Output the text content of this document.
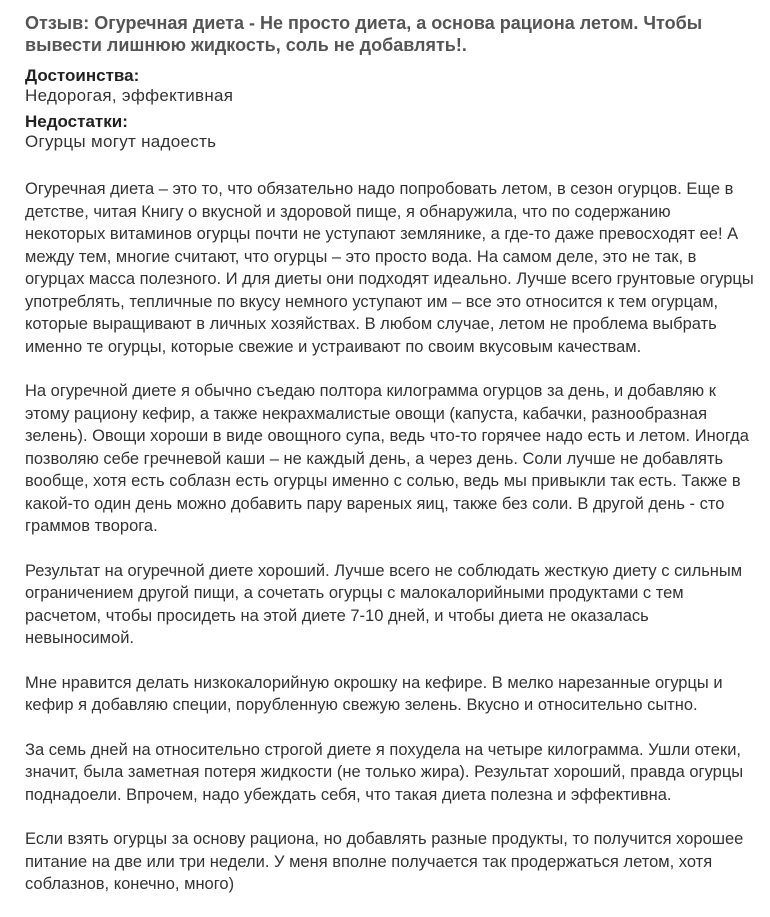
Отзыв: Огуречная диета - Не просто диета, а основа рациона летом. Чтобы вывести лишнюю жидкость, соль не добавлять!.
Достоинства:
Недорогая, эффективная
Недостатки:
Огурцы могут надоесть

Огуречная диета – это то, что обязательно надо попробовать летом, в сезон огурцов. Еще в детстве, читая Книгу о вкусной и здоровой пище, я обнаружила, что по содержанию некоторых витаминов огурцы почти не уступают землянике, а где-то даже превосходят ее! А между тем, многие считают, что огурцы – это просто вода. На самом деле, это не так, в огурцах масса полезного. И для диеты они подходят идеально. Лучше всего грунтовые огурцы употреблять, тепличные по вкусу немного уступают им – все это относится к тем огурцам, которые выращивают в личных хозяйствах. В любом случае, летом не проблема выбрать именно те огурцы, которые свежие и устраивают по своим вкусовым качествам.

На огуречной диете я обычно съедаю полтора килограмма огурцов за день, и добавляю к этому рациону кефир, а также некрахмалистые овощи (капуста, кабачки, разнообразная зелень). Овощи хороши в виде овощного супа, ведь что-то горячее надо есть и летом. Иногда позволяю себе гречневой каши – не каждый день, а через день. Соли лучше не добавлять вообще, хотя есть соблазн есть огурцы именно с солью, ведь мы привыкли так есть. Также в какой-то один день можно добавить пару вареных яиц, также без соли. В другой день - сто граммов творога.

Результат на огуречной диете хороший. Лучше всего не соблюдать жесткую диету с сильным ограничением другой пищи, а сочетать огурцы с малокалорийными продуктами с тем расчетом, чтобы просидеть на этой диете 7-10 дней, и чтобы диета не оказалась невыносимой.

Мне нравится делать низкокалорийную окрошку на кефире. В мелко нарезанные огурцы и кефир я добавляю специи, порубленную свежую зелень. Вкусно и относительно сытно.

За семь дней на относительно строгой диете я похудела на четыре килограмма. Ушли отеки, значит, была заметная потеря жидкости (не только жира). Результат хороший, правда огурцы поднадоели. Впрочем, надо убеждать себя, что такая диета полезна и эффективна.

Если взять огурцы за основу рациона, но добавлять разные продукты, то получится хорошее питание на две или три недели. У меня вполне получается так продержаться летом, хотя соблазнов, конечно, много)
